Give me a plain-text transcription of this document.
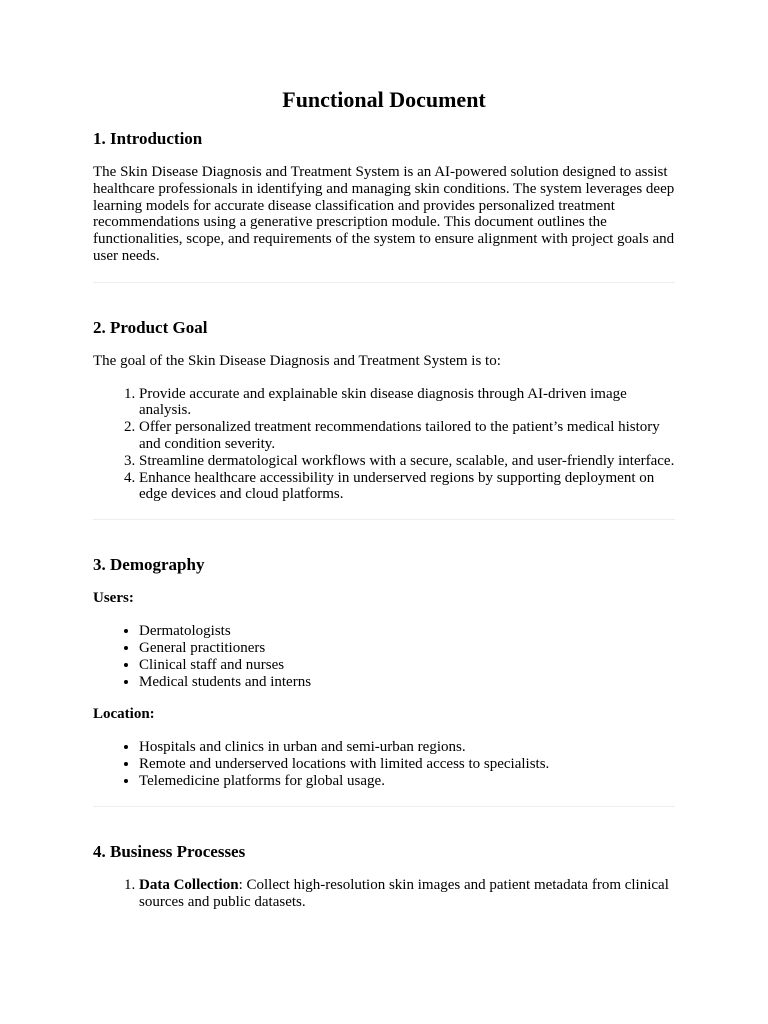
Functional Document
1. Introduction

The Skin Disease Diagnosis and Treatment System is an AI-powered solution designed to assist healthcare professionals in identifying and managing skin conditions. The system leverages deep learning models for accurate disease classification and provides personalized treatment recommendations using a generative prescription module. This document outlines the functionalities, scope, and requirements of the system to ensure alignment with project goals and user needs.

2. Product Goal

The goal of the Skin Disease Diagnosis and Treatment System is to:

1. Provide accurate and explainable skin disease diagnosis through AI-driven image analysis.
2. Offer personalized treatment recommendations tailored to the patient’s medical history and condition severity.
3. Streamline dermatological workflows with a secure, scalable, and user-friendly interface.
4. Enhance healthcare accessibility in underserved regions by supporting deployment on edge devices and cloud platforms.
3. Demography
Users:
• Dermatologists
• General practitioners
• Clinical staff and nurses
• Medical students and interns
Location:
• Hospitals and clinics in urban and semi-urban regions.
• Remote and underserved locations with limited access to specialists.
• Telemedicine platforms for global usage.
4. Business Processes
1. Data Collection: Collect high-resolution skin images and patient metadata from clinical sources and public datasets.
